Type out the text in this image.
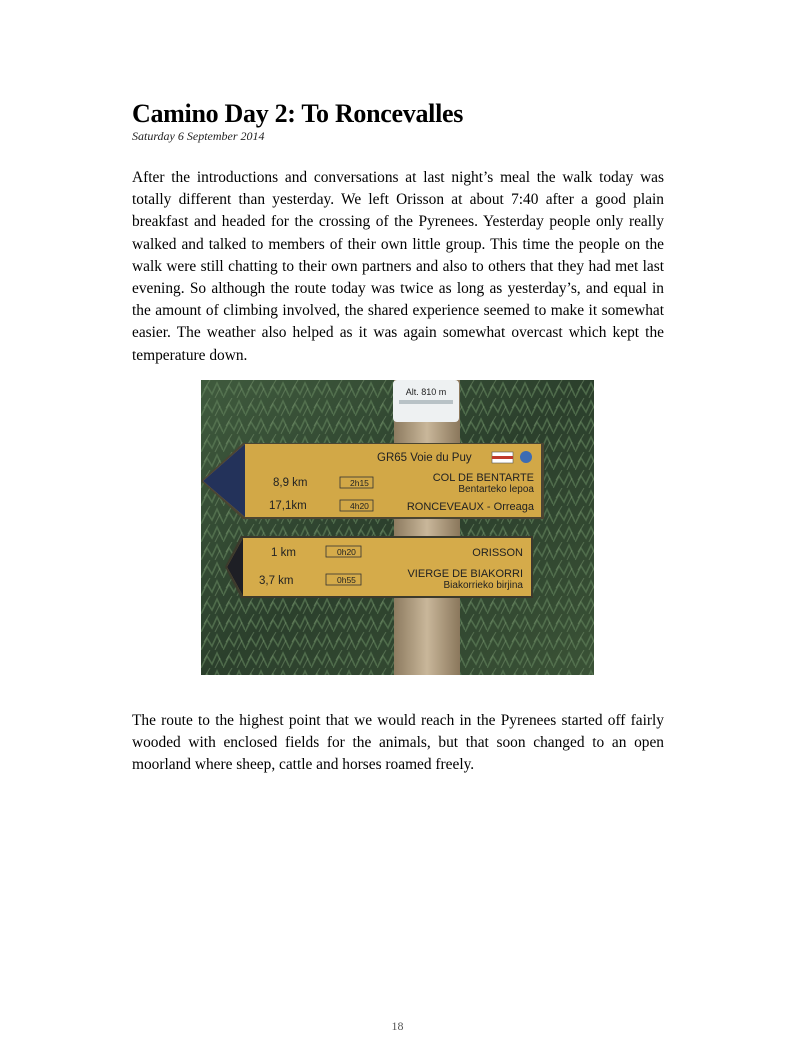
Camino Day 2: To Roncevalles
Saturday 6 September 2014

After the introductions and conversations at last night’s meal the walk today was totally different than yesterday. We left Orisson at about 7:40 after a good plain breakfast and headed for the crossing of the Pyrenees. Yesterday people only really walked and talked to members of their own little group. This time the people on the walk were still chatting to their own partners and also to others that they had met last evening. So although the route today was twice as long as yesterday’s, and equal in the amount of climbing involved, the shared experience seemed to make it somewhat easier. The weather also helped as it was again somewhat overcast which kept the temperature down.

Alt. 810 m
GR65 Voie du Puy
8,9 km	2h15	COL DE BENTARTE
Bentarteko lepoa
17,1km	4h20	RONCEVEAUX - Orreaga
1 km	0h20	ORISSON
3,7 km	0h55	VIERGE DE BIAKORRI
Biakorrieko birjina

The route to the highest point that we would reach in the Pyrenees started off fairly wooded with enclosed fields for the animals, but that soon changed to an open moorland where sheep, cattle and horses roamed freely.

18
